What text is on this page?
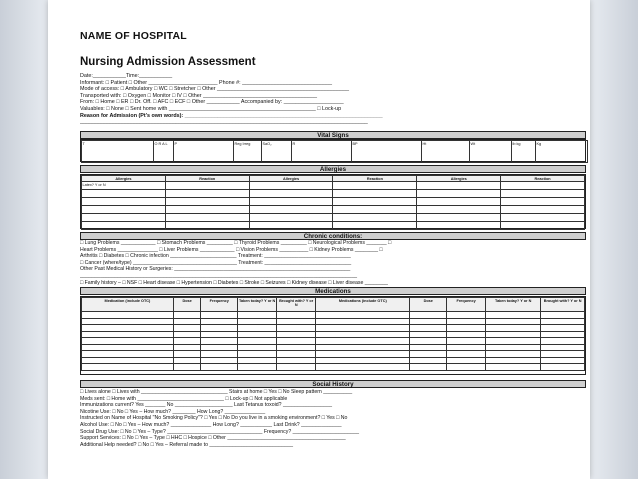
NAME OF HOSPITAL
Nursing Admission Assessment
Date:___________Time:___________
Informant: □ Patient □ Other _______________________ Phone #: ______________________________
Mode of access: □ Ambulatory □ WC □ Stretcher □ Other ____________________________________________
Transported with: □ Oxygen □ Monitor □ IV □ Other ______________________________________
From: □ Home □ ER □ Dr. Off. □ AFC □ ECF □ Other ___________ Accompanied by: ____________________
Valuables: □ None □ Sent home with _________________________________________________ □ Lock-up
Reason for Admission (Pt's own words): __________________________________________________________________
________________________________________________________________________________________________
Vital Signs
T	O R A L	P	Reg Irreg	SaO₂	R	BP	Ht	Wt	lb kg	Kg
Allergies
Allergies	Reaction	Allergies	Reaction	Allergies	Reaction
Latex? Y or N					

Chronic conditions:
□ Lung Problems ____________ □ Stomach Problems _________ □ Thyroid Problems _________ □ Neurological Problems _______ □
Heart Problems ______________ □ Liver Problems ____________ □ Vision Problems __________ □ Kidney Problems ________ □
Arthritis □ Diabetes □ Chronic infection _______________________ Treatment: ______________________________
□ Cancer (where/type) ____________________________________ Treatment: ______________________________
Other Past Medical History or Surgeries: _____________________________________________________________
________________________________________________________________________________________________
□ Family history – □ NSF □ Heart disease □ Hypertension □ Diabetes □ Stroke □ Seizures □ Kidney disease □ Liver disease ________
Medications
Medication (include OTC)	Dose	Frequency	Taken today? Y or N	Brought with? Y or N	Medications (include OTC)	Dose	Frequency	Taken today? Y or N	Brought with? Y or N

Social History
□ Lives alone □ Lives with ______________________________ Stairs at home □ Yes □ No Sleep pattern __________
Meds sent: □ Home with ______________________________ □ Lock-up □ Not applicable
Immunizations current? Yes _______ No ____________________ Last Tetanus toxoid? _________________
Nicotine Use: □ No □ Yes – How much? ________ How Long? ______________
Instructed on Name of Hospital "No Smoking Policy"? □ Yes □ No Do you live in a smoking environment? □ Yes □ No
Alcohol Use: □ No □ Yes – How much? ______________ How Long? ___________ Last Drink? ______________
Social Drug Use: □ No □ Yes – Type? _________________________________ Frequency? _______________________
Support Services: □ No □ Yes – Type □ HHC □ Hospice □ Other _________________________________________
Additional Help needed? □ No □ Yes – Referral made to _____________________________
